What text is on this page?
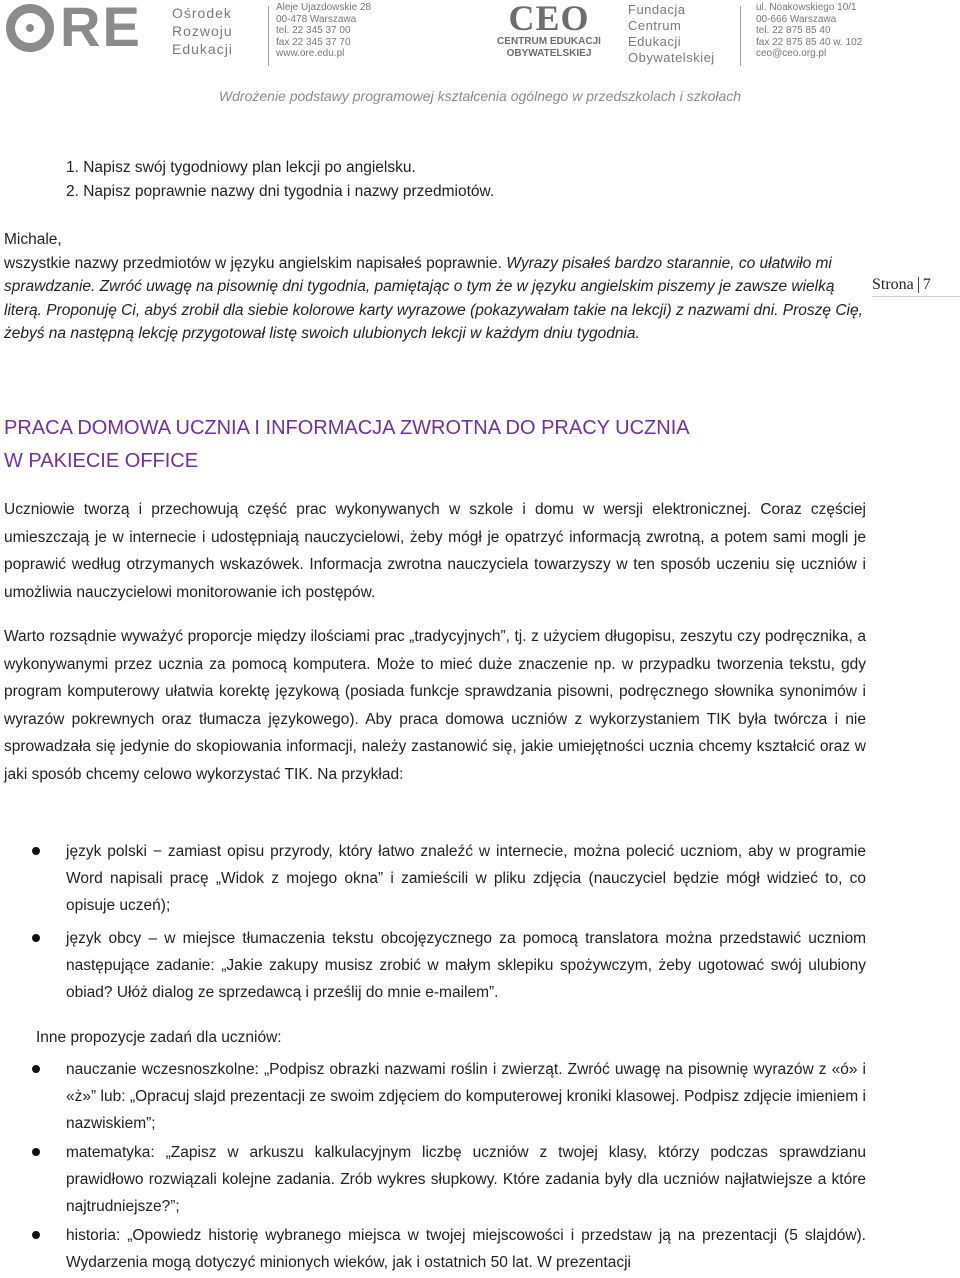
RE Ośrodek
Rozwoju
Edukacji
Aleje Ujazdowskie 28
00-478 Warszawa
tel. 22 345 37 00
fax 22 345 37 70
www.ore.edu.pl
CEO
CENTRUM EDUKACJI
OBYWATELSKIEJ
Fundacja
Centrum
Edukacji
Obywatelskiej
ul. Noakowskiego 10/1
00-666 Warszawa
tel. 22 875 85 40
fax 22 875 85 40 w. 102
ceo@ceo.org.pl
Wdrożenie podstawy programowej kształcenia ogólnego w przedszkolach i szkołach
1. Napisz swój tygodniowy plan lekcji po angielsku.
2. Napisz poprawnie nazwy dni tygodnia i nazwy przedmiotów.
Michale,
wszystkie nazwy przedmiotów w języku angielskim napisałeś poprawnie. Wyrazy pisałeś bardzo starannie, co ułatwiło mi sprawdzanie. Zwróć uwagę na pisownię dni tygodnia, pamiętając o tym że w języku angielskim piszemy je zawsze wielką literą. Proponuję Ci, abyś zrobił dla siebie kolorowe karty wyrazowe (pokazywałam takie na lekcji) z nazwami dni. Proszę Cię, żebyś na następną lekcję przygotował listę swoich ulubionych lekcji w każdym dniu tygodnia.
Strona 7
PRACA DOMOWA UCZNIA I INFORMACJA ZWROTNA DO PRACY UCZNIA
W PAKIECIE OFFICE
Uczniowie tworzą i przechowują część prac wykonywanych w szkole i domu w wersji elektronicznej. Coraz częściej umieszczają je w internecie i udostępniają nauczycielowi, żeby mógł je opatrzyć informacją zwrotną, a potem sami mogli je poprawić według otrzymanych wskazówek. Informacja zwrotna nauczyciela towarzyszy w ten sposób uczeniu się uczniów i umożliwia nauczycielowi monitorowanie ich postępów.
Warto rozsądnie wyważyć proporcje między ilościami prac „tradycyjnych”, tj. z użyciem długopisu, zeszytu czy podręcznika, a wykonywanymi przez ucznia za pomocą komputera. Może to mieć duże znaczenie np. w przypadku tworzenia tekstu, gdy program komputerowy ułatwia korektę językową (posiada funkcje sprawdzania pisowni, podręcznego słownika synonimów i wyrazów pokrewnych oraz tłumacza językowego). Aby praca domowa uczniów z wykorzystaniem TIK była twórcza i nie sprowadzała się jedynie do skopiowania informacji, należy zastanowić się, jakie umiejętności ucznia chcemy kształcić oraz w jaki sposób chcemy celowo wykorzystać TIK. Na przykład:
język polski − zamiast opisu przyrody, który łatwo znaleźć w internecie, można polecić uczniom, aby w programie Word napisali pracę „Widok z mojego okna” i zamieścili w pliku zdjęcia (nauczyciel będzie mógł widzieć to, co opisuje uczeń);
język obcy – w miejsce tłumaczenia tekstu obcojęzycznego za pomocą translatora można przedstawić uczniom następujące zadanie: „Jakie zakupy musisz zrobić w małym sklepiku spożywczym, żeby ugotować swój ulubiony obiad? Ułóż dialog ze sprzedawcą i prześlij do mnie e-mailem”.
Inne propozycje zadań dla uczniów:
nauczanie wczesnoszkolne: „Podpisz obrazki nazwami roślin i zwierząt. Zwróć uwagę na pisownię wyrazów z «ó» i «ż»” lub: „Opracuj slajd prezentacji ze swoim zdjęciem do komputerowej kroniki klasowej. Podpisz zdjęcie imieniem i nazwiskiem”;
matematyka: „Zapisz w arkuszu kalkulacyjnym liczbę uczniów z twojej klasy, którzy podczas sprawdzianu prawidłowo rozwiązali kolejne zadania. Zrób wykres słupkowy. Które zadania były dla uczniów najłatwiejsze a które najtrudniejsze?”;
historia: „Opowiedz historię wybranego miejsca w twojej miejscowości i przedstaw ją na prezentacji (5 slajdów). Wydarzenia mogą dotyczyć minionych wieków, jak i ostatnich 50 lat. W prezentacji
